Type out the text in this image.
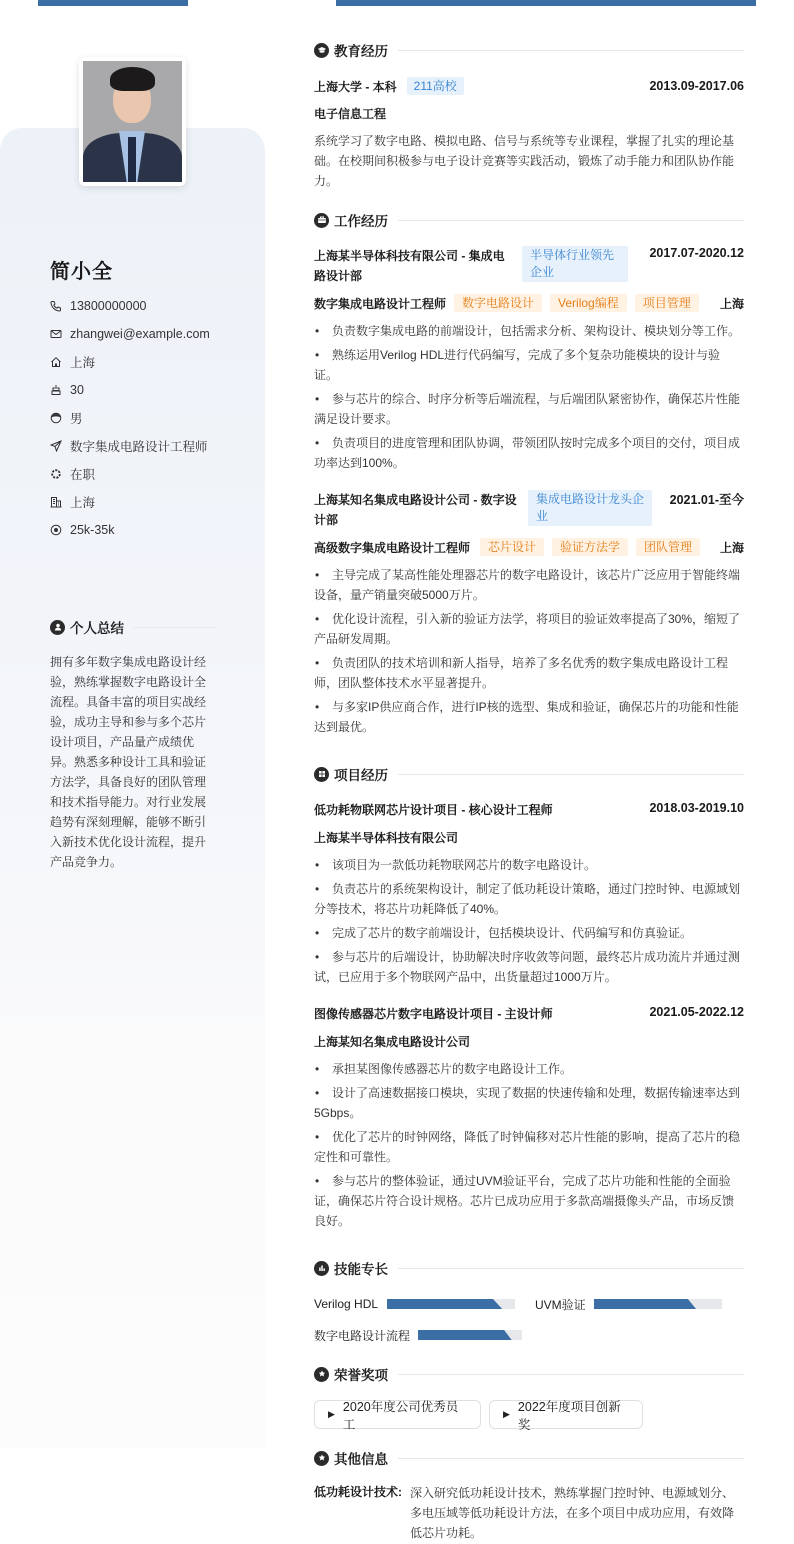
简小全
13800000000
zhangwei@example.com
上海
30
男
数字集成电路设计工程师
在职
上海
25k-35k
个人总结
拥有多年数字集成电路设计经验，熟练掌握数字电路设计全流程。具备丰富的项目实战经验，成功主导和参与多个芯片设计项目，产品量产成绩优异。熟悉多种设计工具和验证方法学，具备良好的团队管理和技术指导能力。对行业发展趋势有深刻理解，能够不断引入新技术优化设计流程，提升产品竞争力。
教育经历
上海大学 - 本科	211高校	2013.09-2017.06
电子信息工程
系统学习了数字电路、模拟电路、信号与系统等专业课程，掌握了扎实的理论基础。在校期间积极参与电子设计竞赛等实践活动，锻炼了动手能力和团队协作能力。
工作经历
上海某半导体科技有限公司 - 集成电路设计部
半导体行业领先企业
2017.07-2020.12
数字集成电路设计工程师	数字电路设计	Verilog编程	项目管理	上海
• 负责数字集成电路的前端设计，包括需求分析、架构设计、模块划分等工作。
• 熟练运用Verilog HDL进行代码编写，完成了多个复杂功能模块的设计与验证。
• 参与芯片的综合、时序分析等后端流程，与后端团队紧密协作，确保芯片性能满足设计要求。
• 负责项目的进度管理和团队协调，带领团队按时完成多个项目的交付，项目成功率达到100%。
上海某知名集成电路设计公司 - 数字设计部
集成电路设计龙头企业
2021.01-至今
高级数字集成电路设计工程师	芯片设计	验证方法学	团队管理	上海
• 主导完成了某高性能处理器芯片的数字电路设计，该芯片广泛应用于智能终端设备，量产销量突破5000万片。
• 优化设计流程，引入新的验证方法学，将项目的验证效率提高了30%，缩短了产品研发周期。
• 负责团队的技术培训和新人指导，培养了多名优秀的数字集成电路设计工程师，团队整体技术水平显著提升。
• 与多家IP供应商合作，进行IP核的选型、集成和验证，确保芯片的功能和性能达到最优。
项目经历
低功耗物联网芯片设计项目 - 核心设计工程师	2018.03-2019.10
上海某半导体科技有限公司
• 该项目为一款低功耗物联网芯片的数字电路设计。
• 负责芯片的系统架构设计，制定了低功耗设计策略，通过门控时钟、电源域划分等技术，将芯片功耗降低了40%。
• 完成了芯片的数字前端设计，包括模块设计、代码编写和仿真验证。
• 参与芯片的后端设计，协助解决时序收敛等问题，最终芯片成功流片并通过测试，已应用于多个物联网产品中，出货量超过1000万片。
图像传感器芯片数字电路设计项目 - 主设计师	2021.05-2022.12
上海某知名集成电路设计公司
• 承担某图像传感器芯片的数字电路设计工作。
• 设计了高速数据接口模块，实现了数据的快速传输和处理，数据传输速率达到5Gbps。
• 优化了芯片的时钟网络，降低了时钟偏移对芯片性能的影响，提高了芯片的稳定性和可靠性。
• 参与芯片的整体验证，通过UVM验证平台，完成了芯片功能和性能的全面验证，确保芯片符合设计规格。芯片已成功应用于多款高端摄像头产品，市场反馈良好。
技能专长
Verilog HDL	UVM验证
数字电路设计流程
荣誉奖项
▶
2020年度公司优秀员工
▶
2022年度项目创新奖
其他信息
低功耗设计技术: 深入研究低功耗设计技术，熟练掌握门控时钟、电源域划分、多电压域等低功耗设计方法，在多个项目中成功应用，有效降低芯片功耗。
